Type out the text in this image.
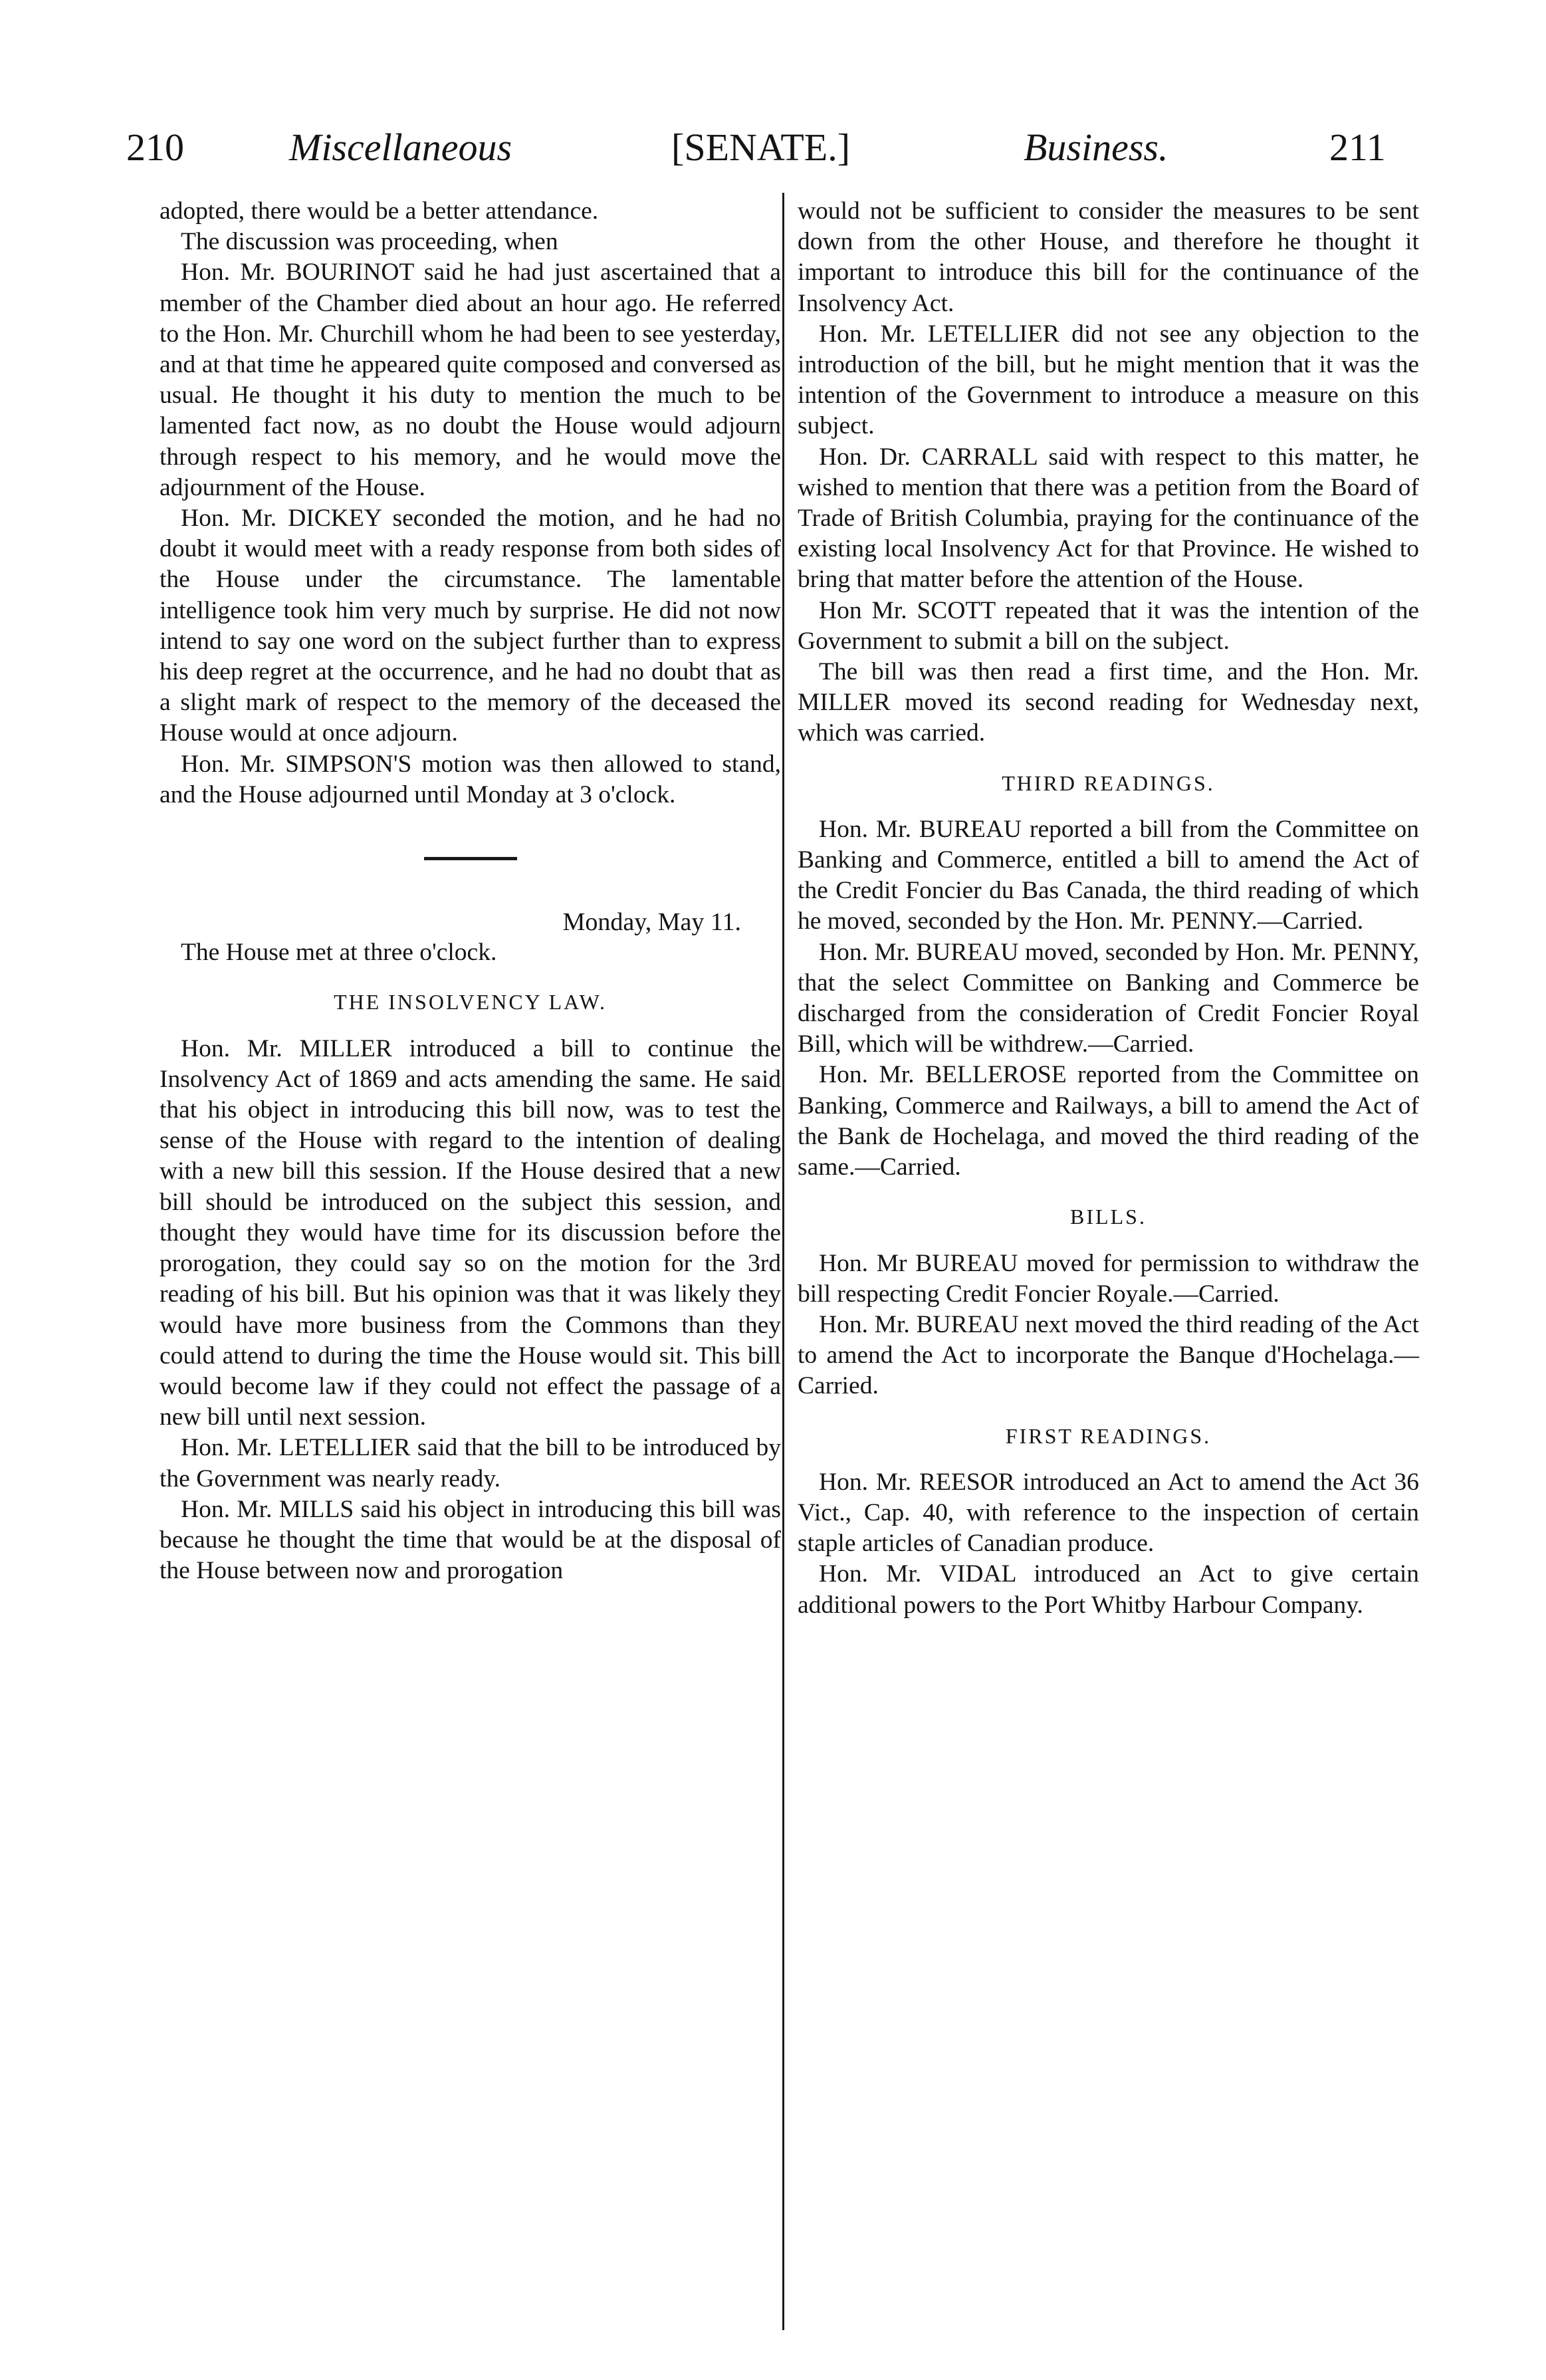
210	Miscellaneous	[SENATE.]	Business.	211

adopted, there would be a better attendance.

The discussion was proceeding, when

Hon. Mr. BOURINOT said he had just ascertained that a member of the Chamber died about an hour ago. He referred to the Hon. Mr. Churchill whom he had been to see yesterday, and at that time he appeared quite composed and conversed as usual. He thought it his duty to mention the much to be lamented fact now, as no doubt the House would adjourn through respect to his memory, and he would move the adjournment of the House.

Hon. Mr. DICKEY seconded the motion, and he had no doubt it would meet with a ready response from both sides of the House under the circumstance. The lamentable intelligence took him very much by surprise. He did not now intend to say one word on the subject further than to express his deep regret at the occurrence, and he had no doubt that as a slight mark of respect to the memory of the deceased the House would at once adjourn.

Hon. Mr. SIMPSON'S motion was then allowed to stand, and the House adjourned until Monday at 3 o'clock.

Monday, May 11.

The House met at three o'clock.

THE INSOLVENCY LAW.

Hon. Mr. MILLER introduced a bill to continue the Insolvency Act of 1869 and acts amending the same. He said that his object in introducing this bill now, was to test the sense of the House with regard to the intention of dealing with a new bill this session. If the House desired that a new bill should be introduced on the subject this session, and thought they would have time for its discussion before the prorogation, they could say so on the motion for the 3rd reading of his bill. But his opinion was that it was likely they would have more business from the Commons than they could attend to during the time the House would sit. This bill would become law if they could not effect the passage of a new bill until next session.

Hon. Mr. LETELLIER said that the bill to be introduced by the Government was nearly ready.

Hon. Mr. MILLS said his object in introducing this bill was because he thought the time that would be at the disposal of the House between now and prorogation

would not be sufficient to consider the measures to be sent down from the other House, and therefore he thought it important to introduce this bill for the continuance of the Insolvency Act.

Hon. Mr. LETELLIER did not see any objection to the introduction of the bill, but he might mention that it was the intention of the Government to introduce a measure on this subject.

Hon. Dr. CARRALL said with respect to this matter, he wished to mention that there was a petition from the Board of Trade of British Columbia, praying for the continuance of the existing local Insolvency Act for that Province. He wished to bring that matter before the attention of the House.

Hon Mr. SCOTT repeated that it was the intention of the Government to submit a bill on the subject.

The bill was then read a first time, and the Hon. Mr. MILLER moved its second reading for Wednesday next, which was carried.

THIRD READINGS.

Hon. Mr. BUREAU reported a bill from the Committee on Banking and Commerce, entitled a bill to amend the Act of the Credit Foncier du Bas Canada, the third reading of which he moved, seconded by the Hon. Mr. PENNY.—Carried.

Hon. Mr. BUREAU moved, seconded by Hon. Mr. PENNY, that the select Committee on Banking and Commerce be discharged from the consideration of Credit Foncier Royal Bill, which will be withdrew.—Carried.

Hon. Mr. BELLEROSE reported from the Committee on Banking, Commerce and Railways, a bill to amend the Act of the Bank de Hochelaga, and moved the third reading of the same.—Carried.

BILLS.

Hon. Mr BUREAU moved for permission to withdraw the bill respecting Credit Foncier Royale.—Carried.

Hon. Mr. BUREAU next moved the third reading of the Act to amend the Act to incorporate the Banque d'Hochelaga.—Carried.

FIRST READINGS.

Hon. Mr. REESOR introduced an Act to amend the Act 36 Vict., Cap. 40, with reference to the inspection of certain staple articles of Canadian produce.

Hon. Mr. VIDAL introduced an Act to give certain additional powers to the Port Whitby Harbour Company.
